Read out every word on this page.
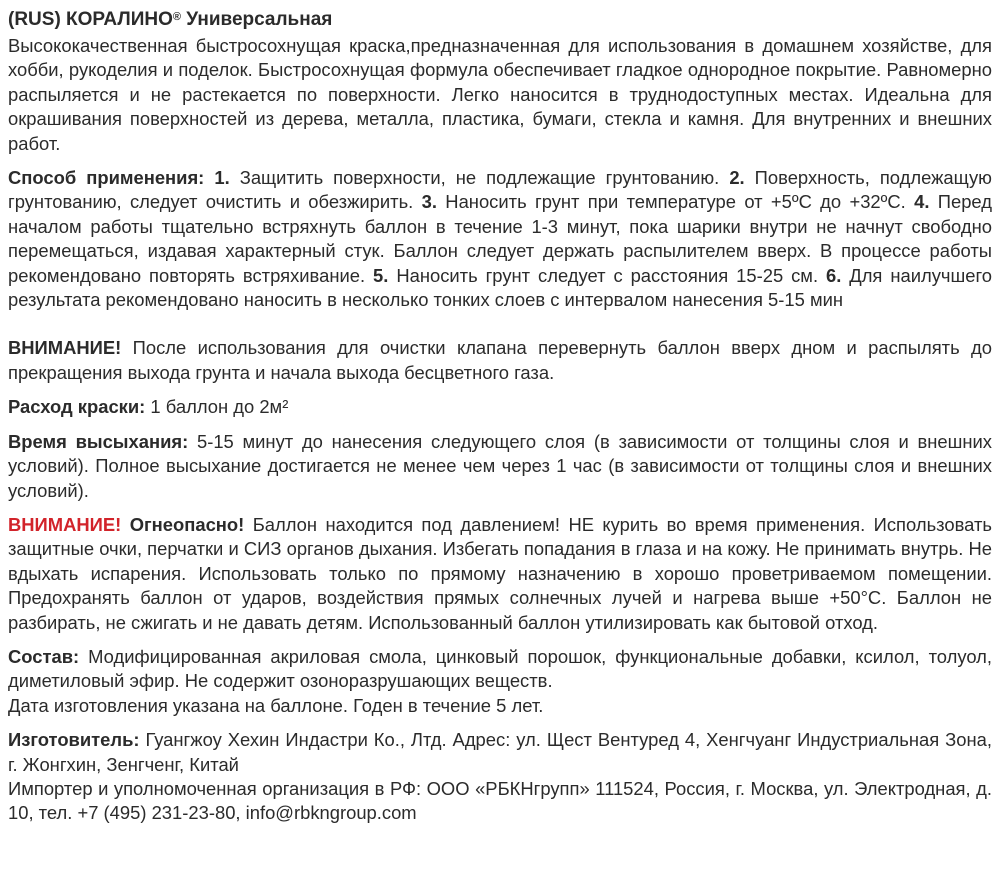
(RUS) КОРАЛИНО® Универсальная

Высококачественная быстросохнущая краска,предназначенная для использования в домашнем хозяйстве, для хобби, рукоделия и поделок. Быстросохнущая формула обеспечивает гладкое однородное покрытие. Равномерно распыляется и не растекается по поверхности. Легко наносится в труднодоступных местах. Идеальна для окрашивания поверхностей из дерева, металла, пластика, бумаги, стекла и камня. Для внутренних и внешних работ.

Способ применения: 1. Защитить поверхности, не подлежащие грунтованию. 2. Поверхность, подлежащую грунтованию, следует очистить и обезжирить. 3. Наносить грунт при температуре от +5ºC до +32ºC. 4. Перед началом работы тщательно встряхнуть баллон в течение 1-3 минут, пока шарики внутри не начнут свободно перемещаться, издавая характерный стук. Баллон следует держать распылителем вверх. В процессе работы рекомендовано повторять встряхивание. 5. Наносить грунт следует с расстояния 15-25 см. 6. Для наилучшего результата рекомендовано наносить в несколько тонких слоев с интервалом нанесения 5-15 мин

ВНИМАНИЕ! После использования для очистки клапана перевернуть баллон вверх дном и распылять до прекращения выхода грунта и начала выхода бесцветного газа.

Расход краски: 1 баллон до 2м²

Время высыхания: 5-15 минут до нанесения следующего слоя (в зависимости от толщины слоя и внешних условий). Полное высыхание достигается не менее чем через 1 час (в зависимости от толщины слоя и внешних условий).

ВНИМАНИЕ! Огнеопасно! Баллон находится под давлением! НЕ курить во время применения. Использовать защитные очки, перчатки и СИЗ органов дыхания. Избегать попадания в глаза и на кожу. Не принимать внутрь. Не вдыхать испарения. Использовать только по прямому назначению в хорошо проветриваемом помещении. Предохранять баллон от ударов, воздействия прямых солнечных лучей и нагрева выше +50°C. Баллон не разбирать, не сжигать и не давать детям. Использованный баллон утилизировать как бытовой отход.

Состав: Модифицированная акриловая смола, цинковый порошок, функциональные добавки, ксилол, толуол, диметиловый эфир. Не содержит озоноразрушающих веществ.

Дата изготовления указана на баллоне. Годен в течение 5 лет.

Изготовитель: Гуангжоу Хехин Индастри Ко., Лтд. Адрес: ул. Щест Вентуред 4, Хенгчуанг Индустриальная Зона, г. Жонгхин, Зенгченг, Китай

Импортер и уполномоченная организация в РФ: ООО «РБКНгрупп» 111524, Россия, г. Москва, ул. Электродная, д. 10, тел. +7 (495) 231-23-80, info@rbkngroup.com
